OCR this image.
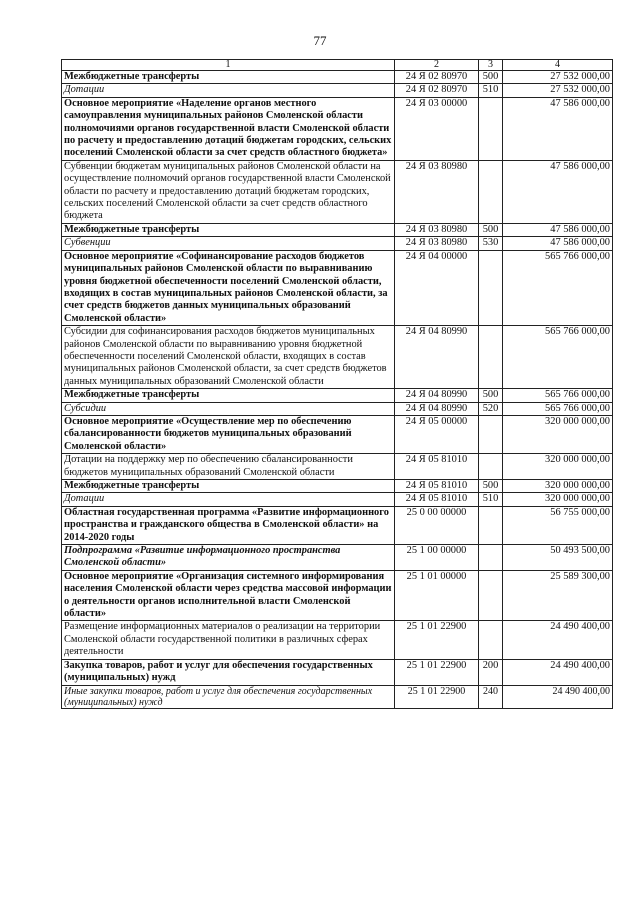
77
1	2	3	4
Межбюджетные трансферты	24 Я 02 80970	500	27 532 000,00
Дотации	24 Я 02 80970	510	27 532 000,00
Основное мероприятие «Наделение органов местного самоуправления муниципальных районов Смоленской области полномочиями органов государственной власти Смоленской области по расчету и предоставлению дотаций бюджетам городских, сельских поселений Смоленской области за счет средств областного бюджета»	24 Я 03 00000		47 586 000,00
Субвенции бюджетам муниципальных районов Смоленской области на осуществление полномочий органов государственной власти Смоленской области по расчету и предоставлению дотаций бюджетам городских, сельских поселений Смоленской области за счет средств областного бюджета	24 Я 03 80980		47 586 000,00
Межбюджетные трансферты	24 Я 03 80980	500	47 586 000,00
Субвенции	24 Я 03 80980	530	47 586 000,00
Основное мероприятие «Софинансирование расходов бюджетов муниципальных районов Смоленской области по выравниванию уровня бюджетной обеспеченности поселений Смоленской области, входящих в состав муниципальных районов Смоленской области, за счет средств бюджетов данных муниципальных образований Смоленской области»	24 Я 04 00000		565 766 000,00
Субсидии для софинансирования расходов бюджетов муниципальных районов Смоленской области по выравниванию уровня бюджетной обеспеченности поселений Смоленской области, входящих в состав муниципальных районов Смоленской области, за счет средств бюджетов данных муниципальных образований Смоленской области	24 Я 04 80990		565 766 000,00
Межбюджетные трансферты	24 Я 04 80990	500	565 766 000,00
Субсидии	24 Я 04 80990	520	565 766 000,00
Основное мероприятие «Осуществление мер по обеспечению сбалансированности бюджетов муниципальных образований Смоленской области»	24 Я 05 00000		320 000 000,00
Дотации на поддержку мер по обеспечению сбалансированности бюджетов муниципальных образований Смоленской области	24 Я 05 81010		320 000 000,00
Межбюджетные трансферты	24 Я 05 81010	500	320 000 000,00
Дотации	24 Я 05 81010	510	320 000 000,00
Областная государственная программа «Развитие информационного пространства и гражданского общества в Смоленской области» на 2014-2020 годы	25 0 00 00000		56 755 000,00
Подпрограмма «Развитие информационного пространства Смоленской области»	25 1 00 00000		50 493 500,00
Основное мероприятие «Организация системного информирования населения Смоленской области через средства массовой информации о деятельности органов исполнительной власти Смоленской области»	25 1 01 00000		25 589 300,00
Размещение информационных материалов о реализации на территории Смоленской области государственной политики в различных сферах деятельности	25 1 01 22900		24 490 400,00
Закупка товаров, работ и услуг для обеспечения государственных (муниципальных) нужд	25 1 01 22900	200	24 490 400,00
Иные закупки товаров, работ и услуг для обеспечения государственных (муниципальных) нужд	25 1 01 22900	240	24 490 400,00
